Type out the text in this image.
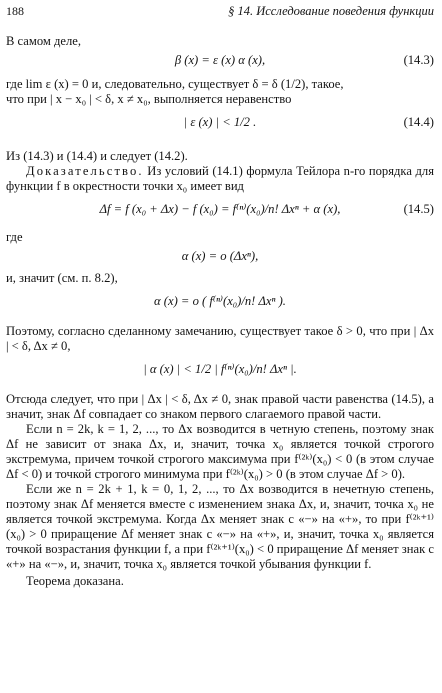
188	§ 14. Исследование поведения функции

В самом деле,

β (x) = ε (x) α (x),	(14.3)

где lim ε (x) = 0 и, следовательно, существует δ = δ (1/2), такое,

что при | x − x₀ | < δ, x ≠ x₀, выполняется неравенство

| ε (x) | < 1/2 .	(14.4)

Из (14.3) и (14.4) и следует (14.2).

Доказательство. Из условий (14.1) формула Тейлора n-го порядка для функции f в окрестности точки x₀ имеет вид

Δf = f (x₀ + Δx) − f (x₀) = f⁽ⁿ⁾(x₀)/n! Δxⁿ + α (x),	(14.5)

где

α (x) = o (Δxⁿ),

и, значит (см. п. 8.2),

α (x) = o ( f⁽ⁿ⁾(x₀)/n! Δxⁿ ).

Поэтому, согласно сделанному замечанию, существует такое δ > 0, что при | Δx | < δ, Δx ≠ 0,

| α (x) | < 1/2 | f⁽ⁿ⁾(x₀)/n! Δxⁿ |.

Отсюда следует, что при | Δx | < δ, Δx ≠ 0, знак правой части равенства (14.5), а значит, знак Δf совпадает со знаком первого слагаемого правой части.

Если n = 2k, k = 1, 2, ..., то Δx возводится в четную степень, поэтому знак Δf не зависит от знака Δx, и, значит, точка x₀ является точкой строгого экстремума, причем точкой строгого максимума при f⁽²ᵏ⁾(x₀) < 0 (в этом случае Δf < 0) и точкой строгого минимума при f⁽²ᵏ⁾(x₀) > 0 (в этом случае Δf > 0).

Если же n = 2k + 1, k = 0, 1, 2, ..., то Δx возводится в нечетную степень, поэтому знак Δf меняется вместе с изменением знака Δx, и, значит, точка x₀ не является точкой экстремума. Когда Δx меняет знак с «−» на «+», то при f⁽²ᵏ⁺¹⁾(x₀) > 0 приращение Δf меняет знак с «−» на «+», и, значит, точка x₀ является точкой возрастания функции f, а при f⁽²ᵏ⁺¹⁾(x₀) < 0 приращение Δf меняет знак с «+» на «−», и, значит, точка x₀ является точкой убывания функции f.

Теорема доказана.
